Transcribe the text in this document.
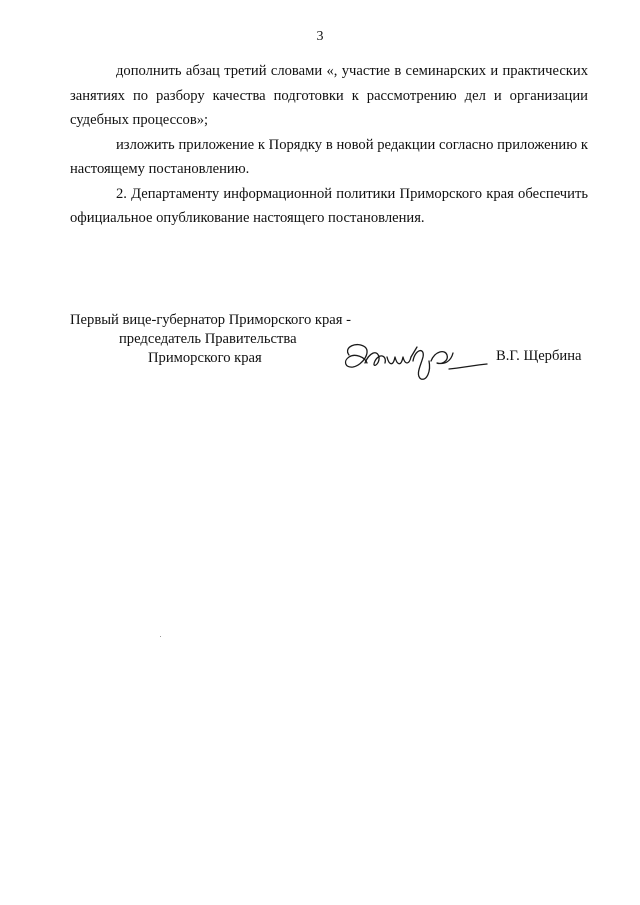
3

дополнить абзац третий словами «, участие в семинарских и практических занятиях по разбору качества подготовки к рассмотрению дел и организации судебных процессов»;

изложить приложение к Порядку в новой редакции согласно приложению к настоящему постановлению.

2. Департаменту информационной политики Приморского края обеспечить официальное опубликование настоящего постановления.

Первый вице-губернатор Приморского края -
председатель Правительства
Приморского края	В.Г. Щербина
